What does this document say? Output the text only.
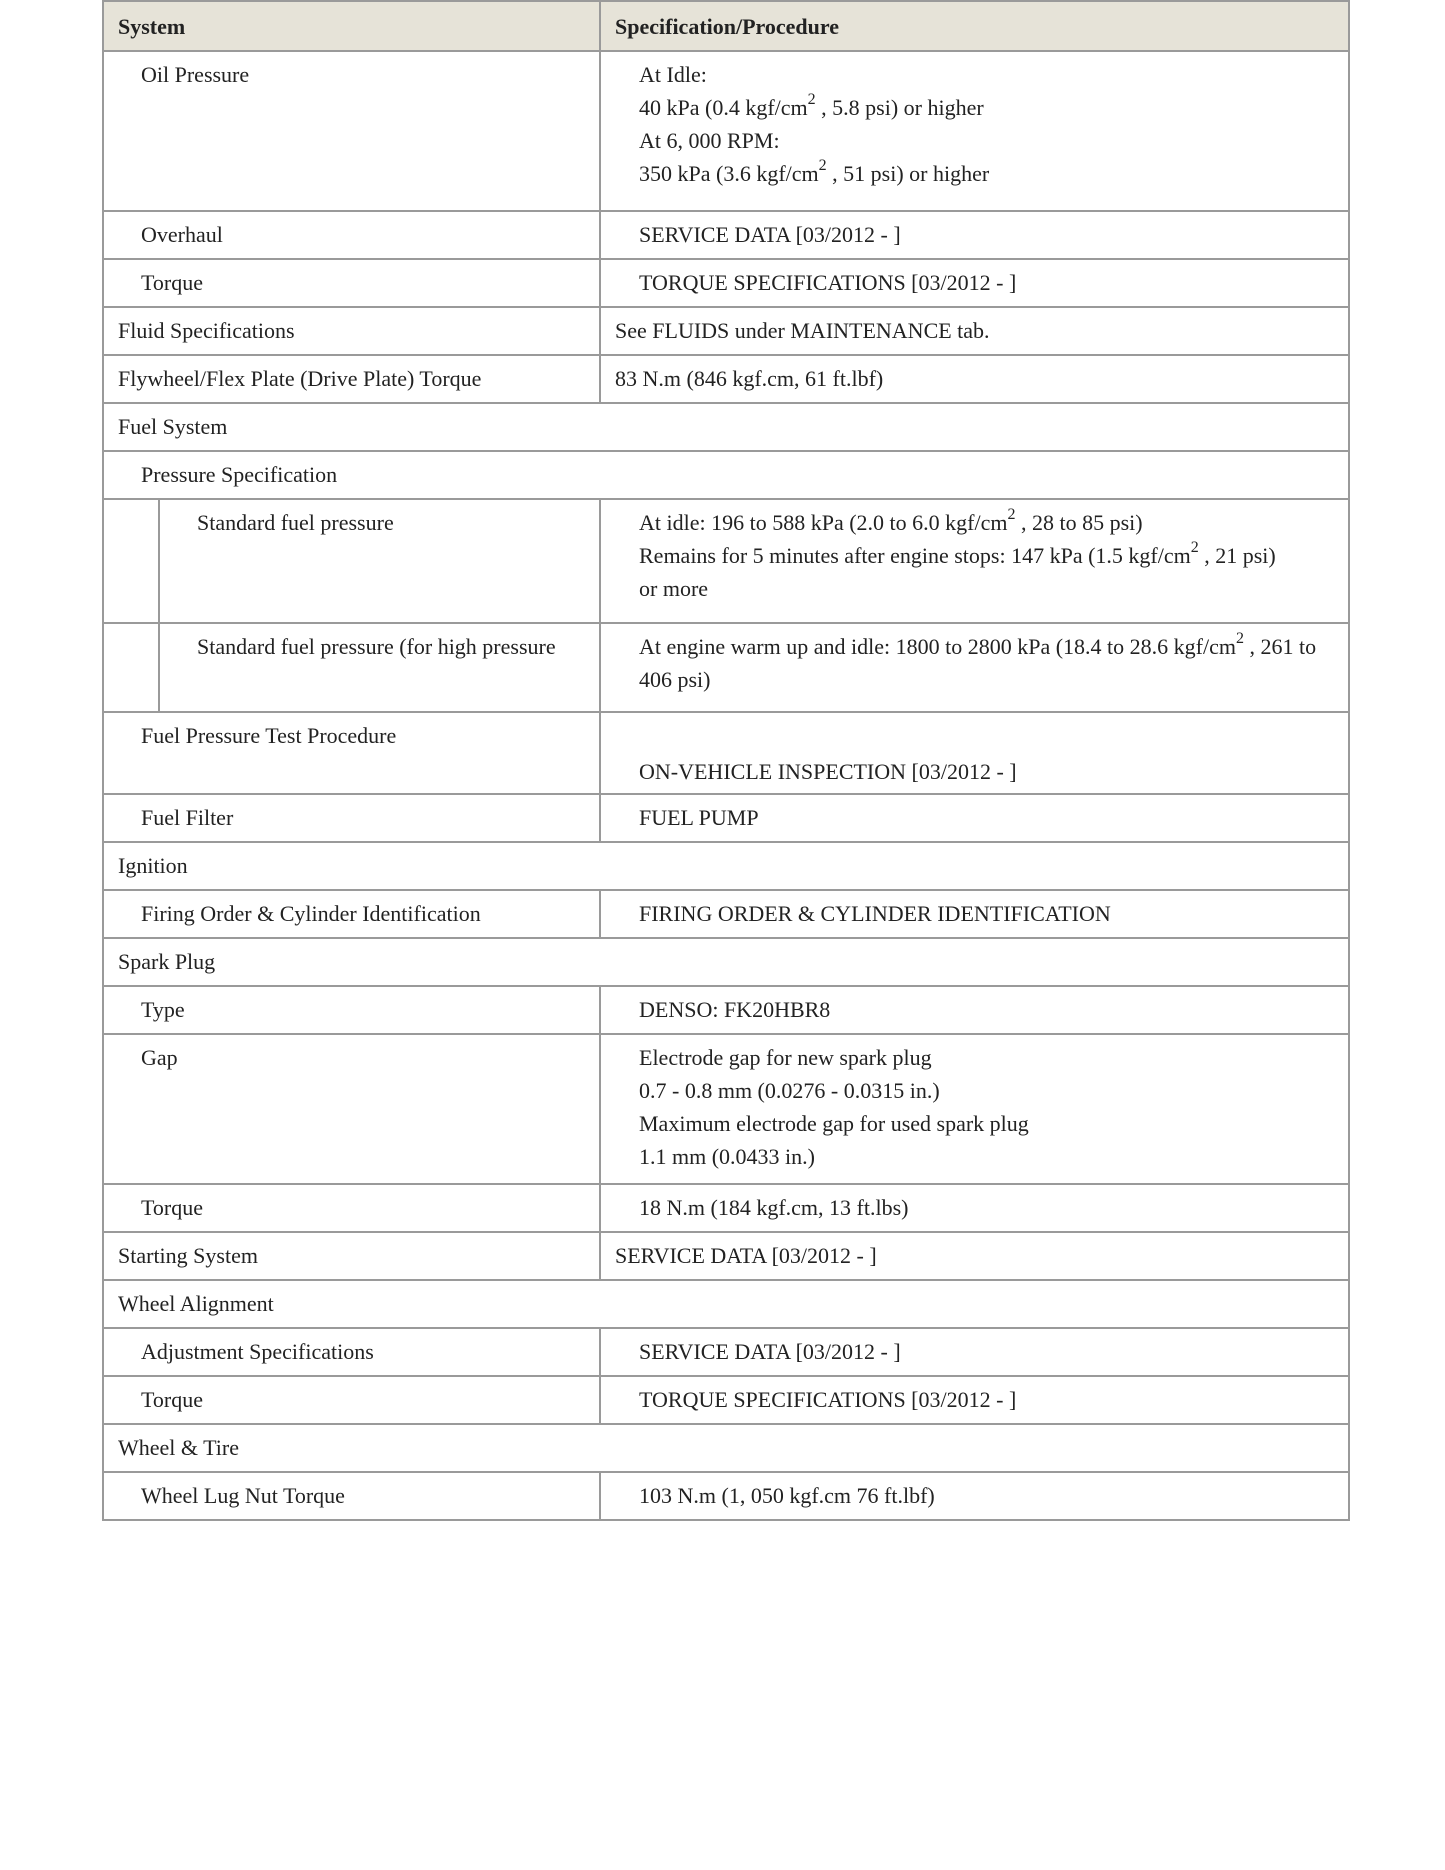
System		Specification/Procedure
Oil Pressure		At Idle:
40 kPa (0.4 kgf/$cm^2$ , 5.8 psi) or higher
At 6, 000 RPM:
350 kPa (3.6 kgf/$cm^2$ , 51 psi) or higher

Overhaul		SERVICE DATA [03/2012 - ]
Torque		TORQUE SPECIFICATIONS [03/2012 - ]
Fluid Specifications		See FLUIDS under MAINTENANCE tab.
Flywheel/Flex Plate (Drive Plate) Torque		83 N.m (846 kgf.cm, 61 ft.lbf)
Fuel System		
Pressure Specification		
	Standard fuel pressure	At idle: 196 to 588 kPa (2.0 to 6.0 kgf/$cm^2$ , 28 to 85 psi)
Remains for 5 minutes after engine stops: 147 kPa (1.5 kgf/$cm^2$ , 21 psi)
or more

	Standard fuel pressure (for high pressure	At engine warm up and idle: 1800 to 2800 kPa (18.4 to 28.6 kgf/$cm^2$ , 261 to 406 psi)

Fuel Pressure Test Procedure		ON-VEHICLE INSPECTION [03/2012 - ]
Fuel Filter		FUEL PUMP
Ignition		
Firing Order & Cylinder Identification		FIRING ORDER & CYLINDER IDENTIFICATION
Spark Plug		
Type		DENSO: FK20HBR8
Gap		Electrode gap for new spark plug
0.7 - 0.8 mm (0.0276 - 0.0315 in.)
Maximum electrode gap for used spark plug
1.1 mm (0.0433 in.)

Torque		18 N.m (184 kgf.cm, 13 ft.lbs)
Starting System		SERVICE DATA [03/2012 - ]
Wheel Alignment		
Adjustment Specifications		SERVICE DATA [03/2012 - ]
Torque		TORQUE SPECIFICATIONS [03/2012 - ]
Wheel & Tire		
Wheel Lug Nut Torque		103 N.m (1, 050 kgf.cm 76 ft.lbf)
